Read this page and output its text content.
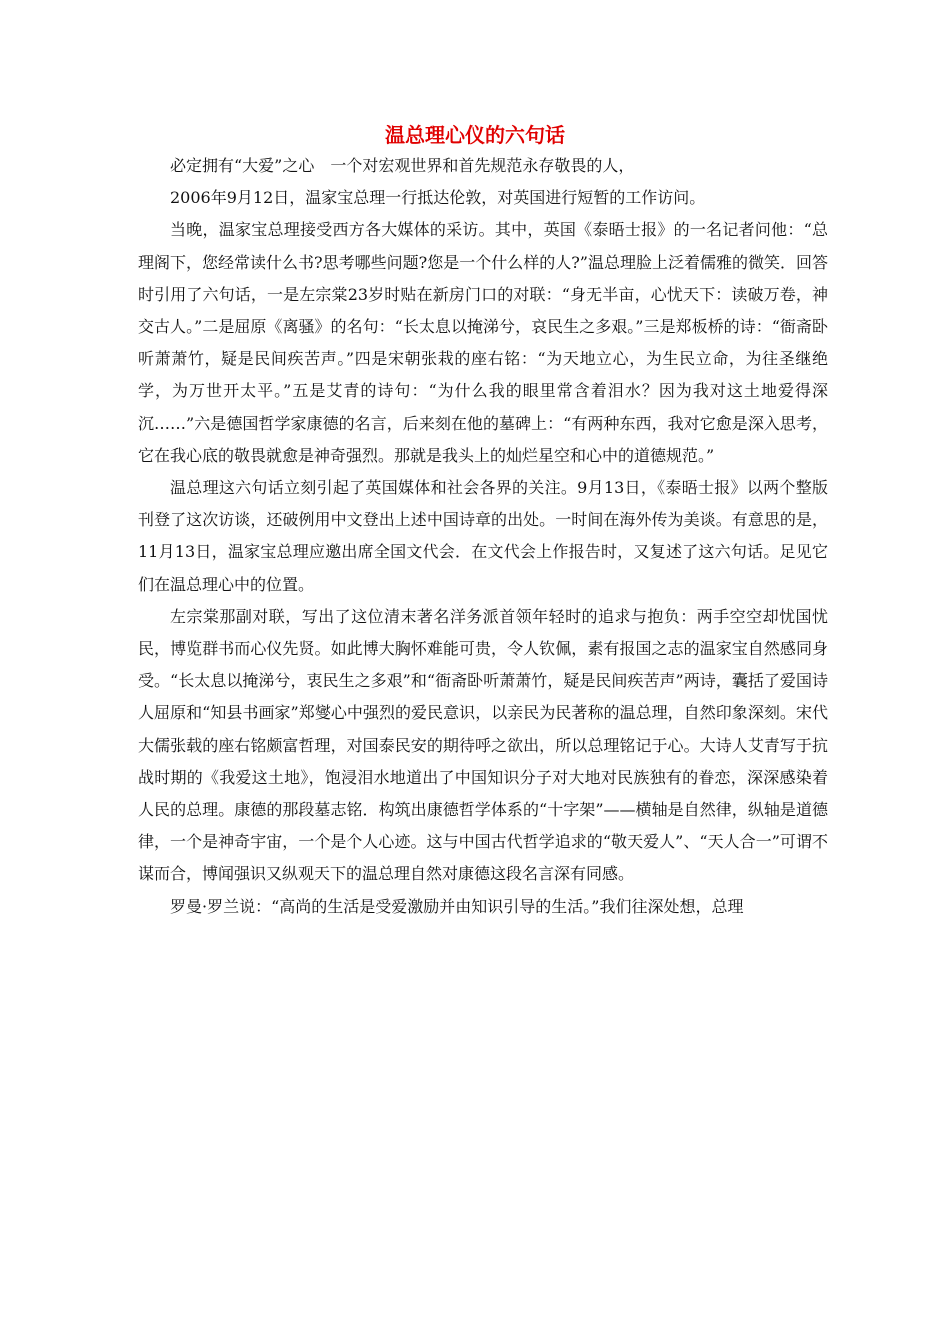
温总理心仪的六句话

必定拥有“大爱”之心　一个对宏观世界和首先规范永存敬畏的人，

2006年9月12日，温家宝总理一行抵达伦敦，对英国进行短暂的工作访问。

当晚，温家宝总理接受西方各大媒体的采访。其中，英国《泰晤士报》的一名记者问他：“总理阁下，您经常读什么书?思考哪些问题?您是一个什么样的人?”温总理脸上泛着儒雅的微笑．回答时引用了六句话，一是左宗棠23岁时贴在新房门口的对联：“身无半亩，心忧天下：读破万卷，神交古人。”二是屈原《离骚》的名句：“长太息以掩涕兮，哀民生之多艰。”三是郑板桥的诗：“衙斋卧听萧萧竹，疑是民间疾苦声。”四是宋朝张栽的座右铭：“为天地立心，为生民立命，为往圣继绝学，为万世开太平。”五是艾青的诗句：“为什么我的眼里常含着泪水？因为我对这土地爱得深沉……”六是德国哲学家康德的名言，后来刻在他的墓碑上：“有两种东西，我对它愈是深入思考，它在我心底的敬畏就愈是神奇强烈。那就是我头上的灿烂星空和心中的道德规范。”

温总理这六句话立刻引起了英国媒体和社会各界的关注。9月13日，《泰晤士报》以两个整版刊登了这次访谈，还破例用中文登出上述中国诗章的出处。一时间在海外传为美谈。有意思的是，11月13日，温家宝总理应邀出席全国文代会．在文代会上作报告时，又复述了这六句话。足见它们在温总理心中的位置。

左宗棠那副对联，写出了这位清末著名洋务派首领年轻时的追求与抱负：两手空空却忧国忧民，博览群书而心仪先贤。如此博大胸怀难能可贵，令人钦佩，素有报国之志的温家宝自然感同身受。“长太息以掩涕兮，衷民生之多艰”和“衙斋卧听萧萧竹，疑是民间疾苦声”两诗，囊括了爱国诗人屈原和“知县书画家”郑燮心中强烈的爱民意识，以亲民为民著称的温总理，自然印象深刻。宋代大儒张载的座右铭颇富哲理，对国泰民安的期待呼之欲出，所以总理铭记于心。大诗人艾青写于抗战时期的《我爱这土地》，饱浸泪水地道出了中国知识分子对大地对民族独有的眷恋，深深感染着人民的总理。康德的那段墓志铭．构筑出康德哲学体系的“十字架”——横轴是自然律，纵轴是道德律，一个是神奇宇宙，一个是个人心迹。这与中国古代哲学追求的“敬天爱人”、“天人合一”可谓不谋而合，博闻强识又纵观天下的温总理自然对康德这段名言深有同感。

罗曼·罗兰说：“高尚的生活是受爱激励并由知识引导的生活。”我们往深处想，总理
